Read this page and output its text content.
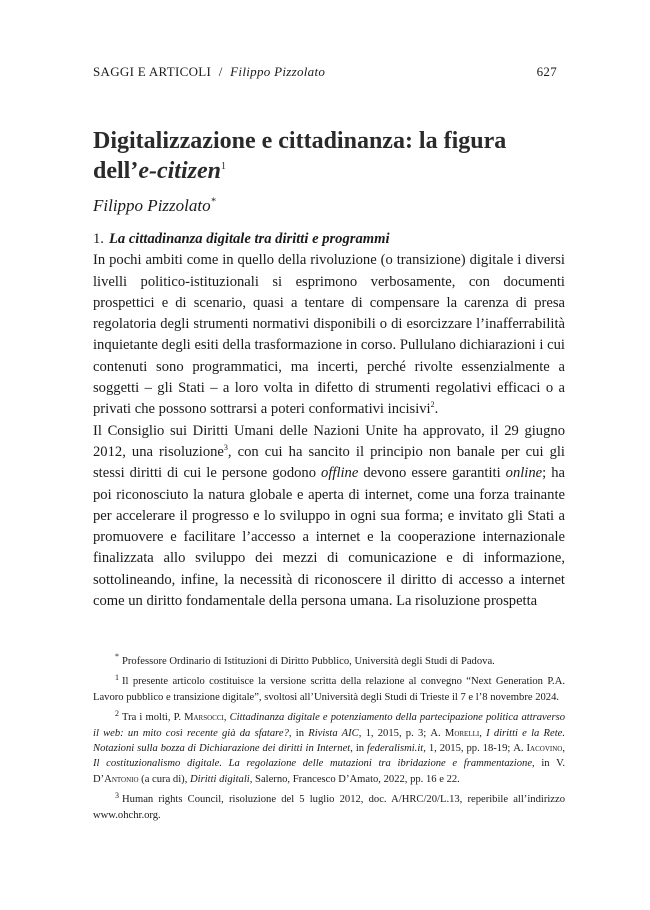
SAGGI E ARTICOLI / Filippo Pizzolato	627
Digitalizzazione e cittadinanza: la figura dell’e-citizen$^1$
Filippo Pizzolato*

1. La cittadinanza digitale tra diritti e programmi

In pochi ambiti come in quello della rivoluzione (o transizione) digitale i diversi livelli politico-istituzionali si esprimono verbosamente, con documenti prospettici e di scenario, quasi a tentare di compensare la carenza di presa regolatoria degli strumenti normativi disponibili o di esorcizzare l’inafferrabilità inquietante degli esiti della trasformazione in corso. Pullulano dichiarazioni i cui contenuti sono programmatici, ma incerti, perché rivolte essenzialmente a soggetti – gli Stati – a loro volta in difetto di strumenti regolativi efficaci o a privati che possono sottrarsi a poteri conformativi incisivi$^2$.

Il Consiglio sui Diritti Umani delle Nazioni Unite ha approvato, il 29 giugno 2012, una risoluzione$^3$, con cui ha sancito il principio non banale per cui gli stessi diritti di cui le persone godono offline devono essere garantiti online; ha poi riconosciuto la natura globale e aperta di internet, come una forza trainante per accelerare il progresso e lo sviluppo in ogni sua forma; e invitato gli Stati a promuovere e facilitare l’accesso a internet e la cooperazione internazionale finalizzata allo sviluppo dei mezzi di comunicazione e di informazione, sottolineando, infine, la necessità di riconoscere il diritto di accesso a internet come un diritto fondamentale della persona umana. La risoluzione prospetta

* Professore Ordinario di Istituzioni di Diritto Pubblico, Università degli Studi di Padova.

$^1$ Il presente articolo costituisce la versione scritta della relazione al convegno “Next Generation P.A. Lavoro pubblico e transizione digitale”, svoltosi all’Università degli Studi di Trieste il 7 e l’8 novembre 2024.

$^2$ Tra i molti, P. Marsocci, Cittadinanza digitale e potenziamento della partecipazione politica attraverso il web: un mito così recente già da sfatare?, in Rivista AIC, 1, 2015, p. 3; A. Morelli, I diritti e la Rete. Notazioni sulla bozza di Dichiarazione dei diritti in Internet, in federalismi.it, 1, 2015, pp. 18-19; A. Iacovino, Il costituzionalismo digitale. La regolazione delle mutazioni tra ibridazione e frammentazione, in V. D’Antonio (a cura di), Diritti digitali, Salerno, Francesco D’Amato, 2022, pp. 16 e 22.

$^3$ Human rights Council, risoluzione del 5 luglio 2012, doc. A/HRC/20/L.13, reperibile all’indirizzo www.ohchr.org.
